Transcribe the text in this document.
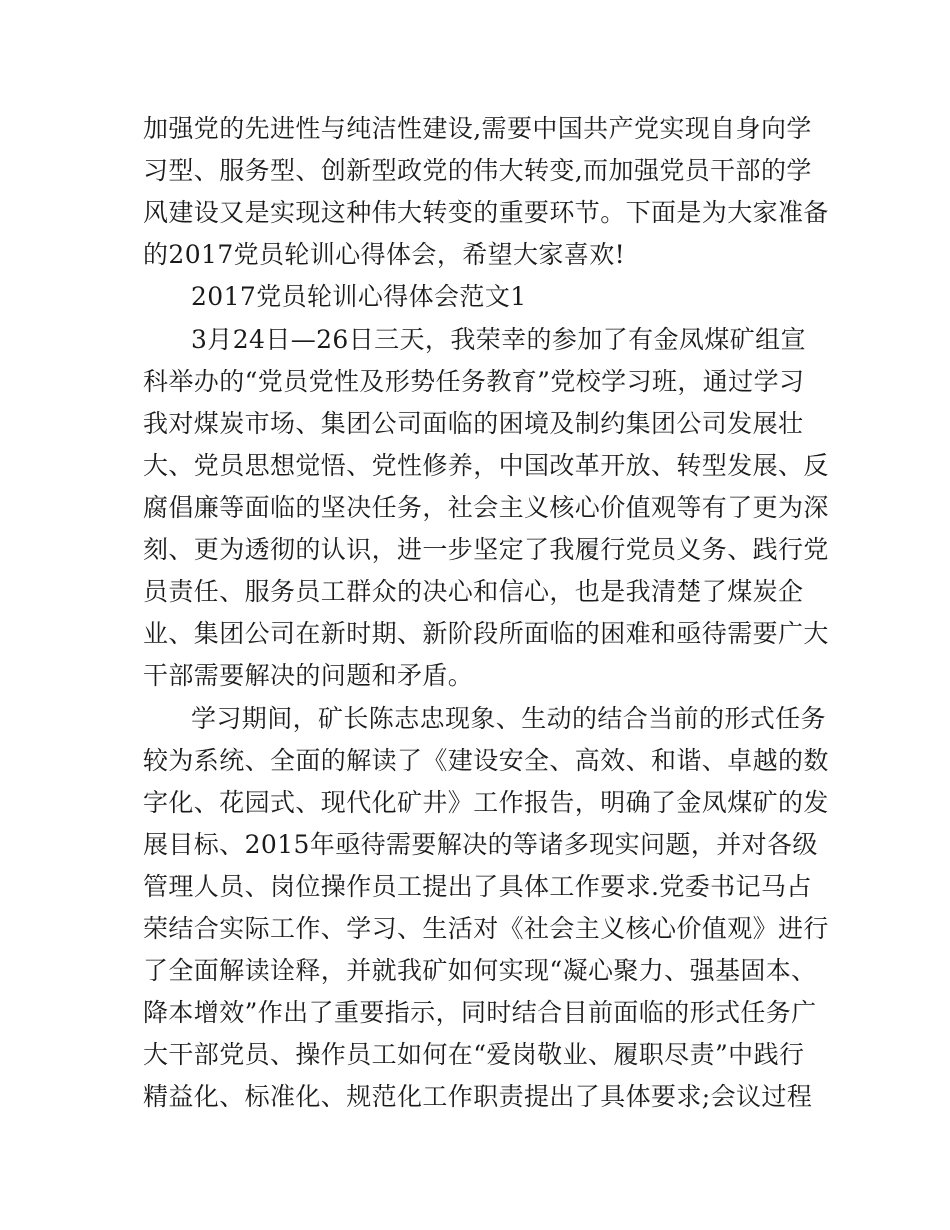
加强党的先进性与纯洁性建设,需要中国共产党实现自身向学
习型、服务型、创新型政党的伟大转变,而加强党员干部的学
风建设又是实现这种伟大转变的重要环节。下面是为大家准备
的2017党员轮训心得体会，希望大家喜欢!
2017党员轮训心得体会范文1
3月24日—26日三天，我荣幸的参加了有金凤煤矿组宣
科举办的“党员党性及形势任务教育”党校学习班，通过学习
我对煤炭市场、集团公司面临的困境及制约集团公司发展壮
大、党员思想觉悟、党性修养，中国改革开放、转型发展、反
腐倡廉等面临的坚决任务，社会主义核心价值观等有了更为深
刻、更为透彻的认识，进一步坚定了我履行党员义务、践行党
员责任、服务员工群众的决心和信心，也是我清楚了煤炭企
业、集团公司在新时期、新阶段所面临的困难和亟待需要广大
干部需要解决的问题和矛盾。
学习期间，矿长陈志忠现象、生动的结合当前的形式任务
较为系统、全面的解读了《建设安全、高效、和谐、卓越的数
字化、花园式、现代化矿井》工作报告，明确了金凤煤矿的发
展目标、2015年亟待需要解决的等诸多现实问题，并对各级
管理人员、岗位操作员工提出了具体工作要求.党委书记马占
荣结合实际工作、学习、生活对《社会主义核心价值观》进行
了全面解读诠释，并就我矿如何实现“凝心聚力、强基固本、
降本增效”作出了重要指示，同时结合目前面临的形式任务广
大干部党员、操作员工如何在“爱岗敬业、履职尽责”中践行
精益化、标准化、规范化工作职责提出了具体要求;会议过程
